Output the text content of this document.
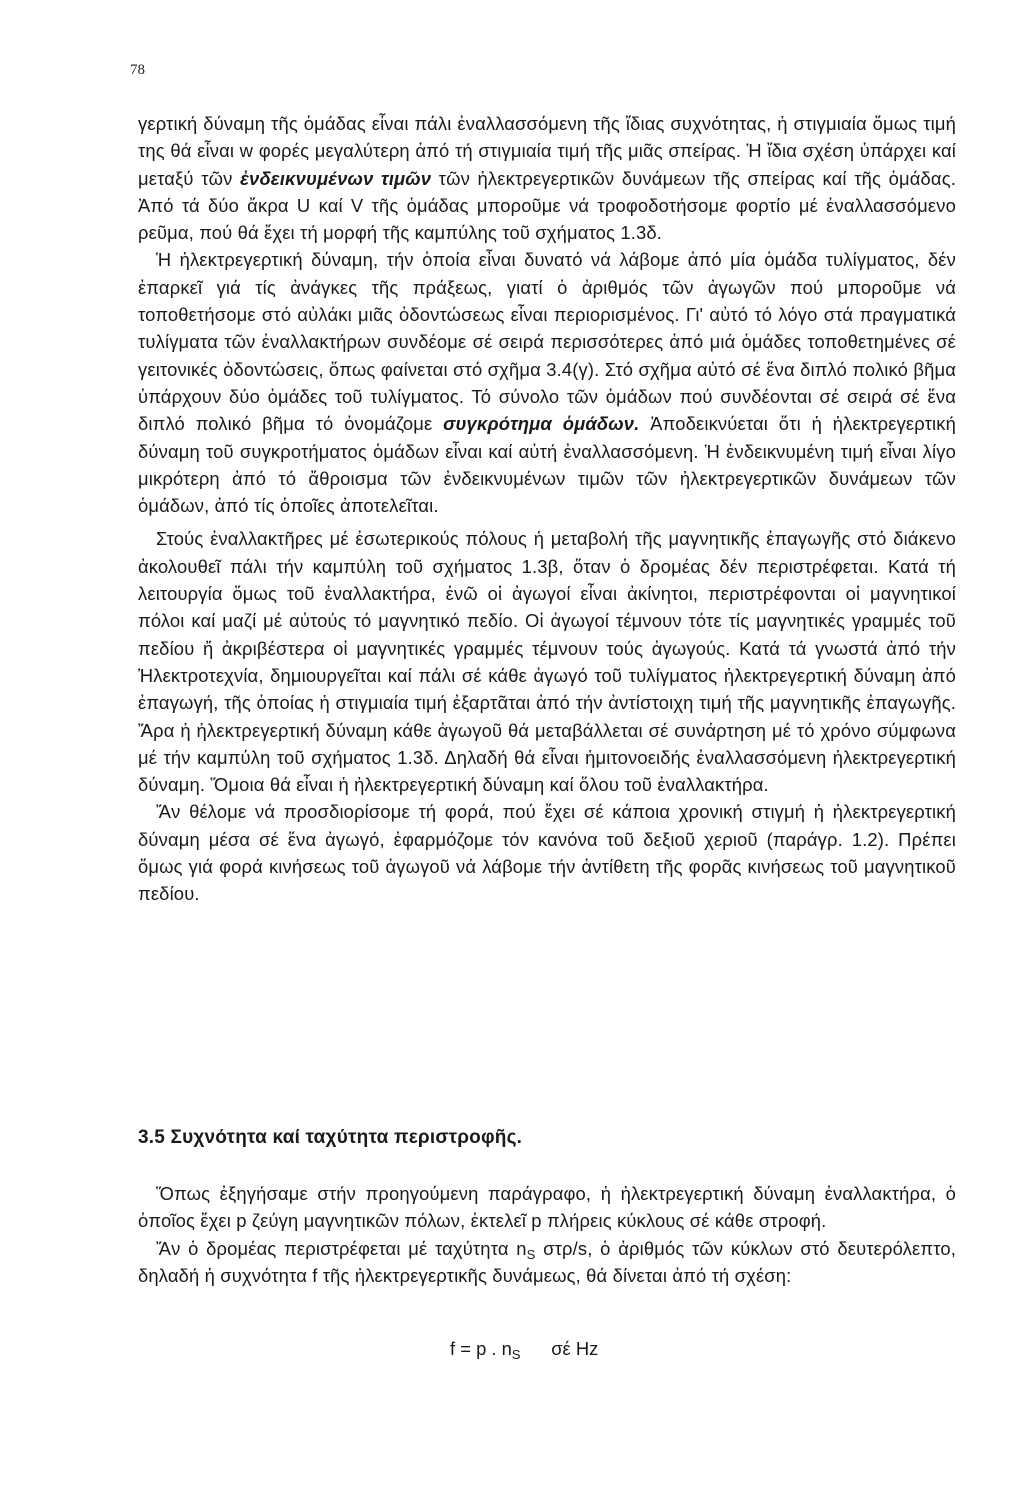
78

γερτική δύναμη τῆς ὁμάδας εἶναι πάλι ἐναλλασσόμενη τῆς ἴδιας συχνότητας, ἡ στιγμιαία ὅμως τιμή της θά εἶναι w φορές μεγαλύτερη ἀπό τή στιγμιαία τιμή τῆς μιᾶς σπείρας. Ἡ ἴδια σχέση ὑπάρχει καί μεταξύ τῶν ἐνδεικνυμένων τιμῶν τῶν ἠλεκτρεγερτικῶν δυνάμεων τῆς σπείρας καί τῆς ὁμάδας. Ἀπό τά δύο ἄκρα U καί V τῆς ὁμάδας μποροῦμε νά τροφοδοτήσομε φορτίο μέ ἐναλλασσόμενο ρεῦμα, πού θά ἔχει τή μορφή τῆς καμπύλης τοῦ σχήματος 1.3δ.

Ἡ ἠλεκτρεγερτική δύναμη, τήν ὁποία εἶναι δυνατό νά λάβομε ἀπό μία ὁμάδα τυλίγματος, δέν ἐπαρκεῖ γιά τίς ἀνάγκες τῆς πράξεως, γιατί ὁ ἀριθμός τῶν ἀγωγῶν πού μποροῦμε νά τοποθετήσομε στό αὐλάκι μιᾶς ὀδοντώσεως εἶναι περιορισμένος. Γι' αὐτό τό λόγο στά πραγματικά τυλίγματα τῶν ἐναλλακτήρων συνδέομε σέ σειρά περισσότερες ἀπό μιά ὁμάδες τοποθετημένες σέ γειτονικές ὀδοντώσεις, ὅπως φαίνεται στό σχῆμα 3.4(γ). Στό σχῆμα αὐτό σέ ἕνα διπλό πολικό βῆμα ὑπάρχουν δύο ὁμάδες τοῦ τυλίγματος. Τό σύνολο τῶν ὁμάδων πού συνδέονται σέ σειρά σέ ἕνα διπλό πολικό βῆμα τό ὀνομάζομε συγκρότημα ὁμάδων. Ἀποδεικνύεται ὅτι ἡ ἠλεκτρεγερτική δύναμη τοῦ συγκροτήματος ὁμάδων εἶναι καί αὐτή ἐναλλασσόμενη. Ἡ ἐνδεικνυμένη τιμή εἶναι λίγο μικρότερη ἀπό τό ἄθροισμα τῶν ἐνδεικνυμένων τιμῶν τῶν ἠλεκτρεγερτικῶν δυνάμεων τῶν ὁμάδων, ἀπό τίς ὁποῖες ἀποτελεῖται.

Στούς ἐναλλακτῆρες μέ ἐσωτερικούς πόλους ἡ μεταβολή τῆς μαγνητικῆς ἐπαγωγῆς στό διάκενο ἀκολουθεῖ πάλι τήν καμπύλη τοῦ σχήματος 1.3β, ὅταν ὁ δρομέας δέν περιστρέφεται. Κατά τή λειτουργία ὅμως τοῦ ἐναλλακτήρα, ἐνῶ οἱ ἀγωγοί εἶναι ἀκίνητοι, περιστρέφονται οἱ μαγνητικοί πόλοι καί μαζί μέ αὐτούς τό μαγνητικό πεδίο. Οἱ ἀγωγοί τέμνουν τότε τίς μαγνητικές γραμμές τοῦ πεδίου ἤ ἀκριβέστερα οἱ μαγνητικές γραμμές τέμνουν τούς ἀγωγούς. Κατά τά γνωστά ἀπό τήν Ἠλεκτροτεχνία, δημιουργεῖται καί πάλι σέ κάθε ἀγωγό τοῦ τυλίγματος ἠλεκτρεγερτική δύναμη ἀπό ἐπαγωγή, τῆς ὁποίας ἡ στιγμιαία τιμή ἐξαρτᾶται ἀπό τήν ἀντίστοιχη τιμή τῆς μαγνητικῆς ἐπαγωγῆς. Ἄρα ἡ ἠλεκτρεγερτική δύναμη κάθε ἀγωγοῦ θά μεταβάλλεται σέ συνάρτηση μέ τό χρόνο σύμφωνα μέ τήν καμπύλη τοῦ σχήματος 1.3δ. Δηλαδή θά εἶναι ἡμιτονοειδής ἐναλλασσόμενη ἠλεκτρεγερτική δύναμη. Ὅμοια θά εἶναι ἡ ἠλεκτρεγερτική δύναμη καί ὅλου τοῦ ἐναλλακτήρα.

Ἄν θέλομε νά προσδιορίσομε τή φορά, πού ἔχει σέ κάποια χρονική στιγμή ἡ ἠλεκτρεγερτική δύναμη μέσα σέ ἕνα ἀγωγό, ἐφαρμόζομε τόν κανόνα τοῦ δεξιοῦ χεριοῦ (παράγρ. 1.2). Πρέπει ὅμως γιά φορά κινήσεως τοῦ ἀγωγοῦ νά λάβομε τήν ἀντίθετη τῆς φορᾶς κινήσεως τοῦ μαγνητικοῦ πεδίου.

3.5 Συχνότητα καί ταχύτητα περιστροφῆς.

Ὅπως ἐξηγήσαμε στήν προηγούμενη παράγραφο, ἡ ἠλεκτρεγερτική δύναμη ἐναλλακτήρα, ὁ ὁποῖος ἔχει p ζεύγη μαγνητικῶν πόλων, ἐκτελεῖ p πλήρεις κύκλους σέ κάθε στροφή.

Ἄν ὁ δρομέας περιστρέφεται μέ ταχύτητα $n_S$ στρ/s, ὁ ἀριθμός τῶν κύκλων στό δευτερόλεπτο, δηλαδή ἡ συχνότητα f τῆς ἠλεκτρεγερτικῆς δυνάμεως, θά δίνεται ἀπό τή σχέση:

f = p . $n_S$ σέ Hz
